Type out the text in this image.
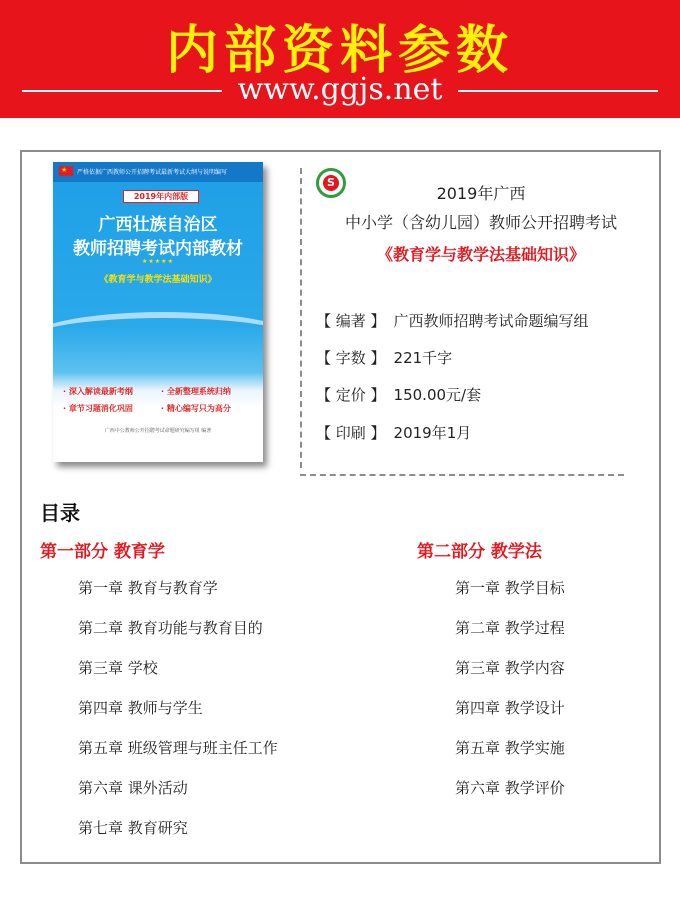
内部资料参数
www.ggjs.net
★ 严格依据广西教师公开招聘考试最新考试大纲与说明编写
2019年内部版
广西壮族自治区
教师招聘考试内部教材
★★★★★
《教育学与教学法基础知识》
· 深入解读最新考纲	· 全新整理系统归纳
· 章节习题消化巩固	· 精心编写只为高分
广西中公教师公开招聘考试命题研究编写组 编著
S
2019年广西
中小学（含幼儿园）教师公开招聘考试
《教育学与教学法基础知识》
【 编著 】 广西教师招聘考试命题编写组
【 字数 】 221千字
【 定价 】 150.00元/套
【 印刷 】 2019年1月
目录
第一部分 教育学	第二部分 教学法
第一章 教育与教育学
第二章 教育功能与教育目的
第三章 学校
第四章 教师与学生
第五章 班级管理与班主任工作
第六章 课外活动
第七章 教育研究
第一章 教学目标
第二章 教学过程
第三章 教学内容
第四章 教学设计
第五章 教学实施
第六章 教学评价
